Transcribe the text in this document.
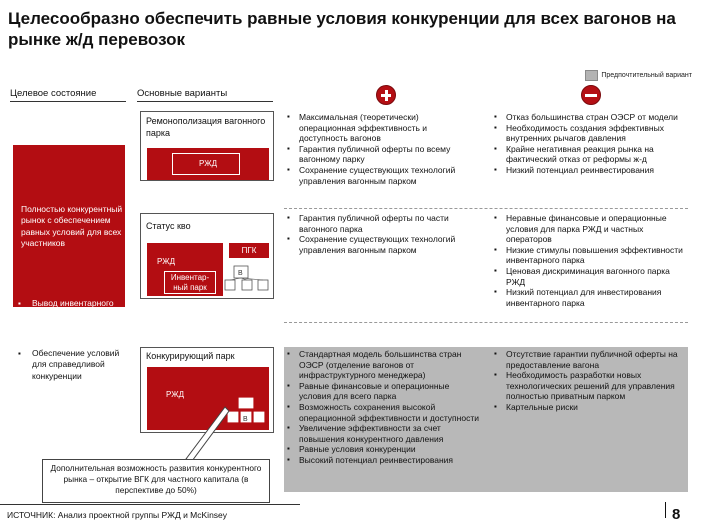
Целесообразно обеспечить равные условия конкуренции для всех вагонов на рынке ж/д перевозок
Предпочтительный вариант
Целевое состояние	Основные варианты
Полностью конкурентный рынок с обеспечением равных условий для всех участников
▪ Вывод инвентарного парка из РЖД
▪ Обеспечение условий для справедливой конкуренции
Ремонополизация вагонного парка
РЖД
Статус кво
РЖД
ПГК
Инвентар-ный парк
В
Конкурирующий парк
РЖД
В
▪ Максимальная (теоретически) операционная эффективность и доступность вагонов
▪ Гарантия публичной оферты по всему вагонному парку
▪ Сохранение существующих технологий управления вагонным парком
▪ Отказ большинства стран ОЭСР от модели
▪ Необходимость создания эффективных внутренних рычагов давления
▪ Крайне негативная реакция рынка на фактический отказ от реформы ж-д
▪ Низкий потенциал реинвестирования
▪ Гарантия публичной оферты по части вагонного парка
▪ Сохранение существующих технологий управления вагонным парком
▪ Неравные финансовые и операционные условия для парка РЖД и частных операторов
▪ Низкие стимулы повышения эффективности инвентарного парка
▪ Ценовая дискриминация вагонного парка РЖД
▪ Низкий потенциал для инвестирования инвентарного парка
▪ Стандартная модель большинства стран ОЭСР (отделение вагонов от инфраструктурного менеджера)
▪ Равные финансовые и операционные условия для всего парка
▪ Возможность сохранения высокой операционной эффективности и доступности
▪ Увеличение эффективности за счет повышения конкурентного давления
▪ Равные условия конкуренции
▪ Высокий потенциал реинвестирования
▪ Отсутствие гарантии публичной оферты на предоставление вагона
▪ Необходимость разработки новых технологических решений для управления полностью приватным парком
▪ Картельные риски
Дополнительная возможность развития конкурентного рынка – открытие ВГК для частного капитала (в перспективе до 50%)
ИСТОЧНИК: Анализ проектной группы РЖД и McKinsey	8
